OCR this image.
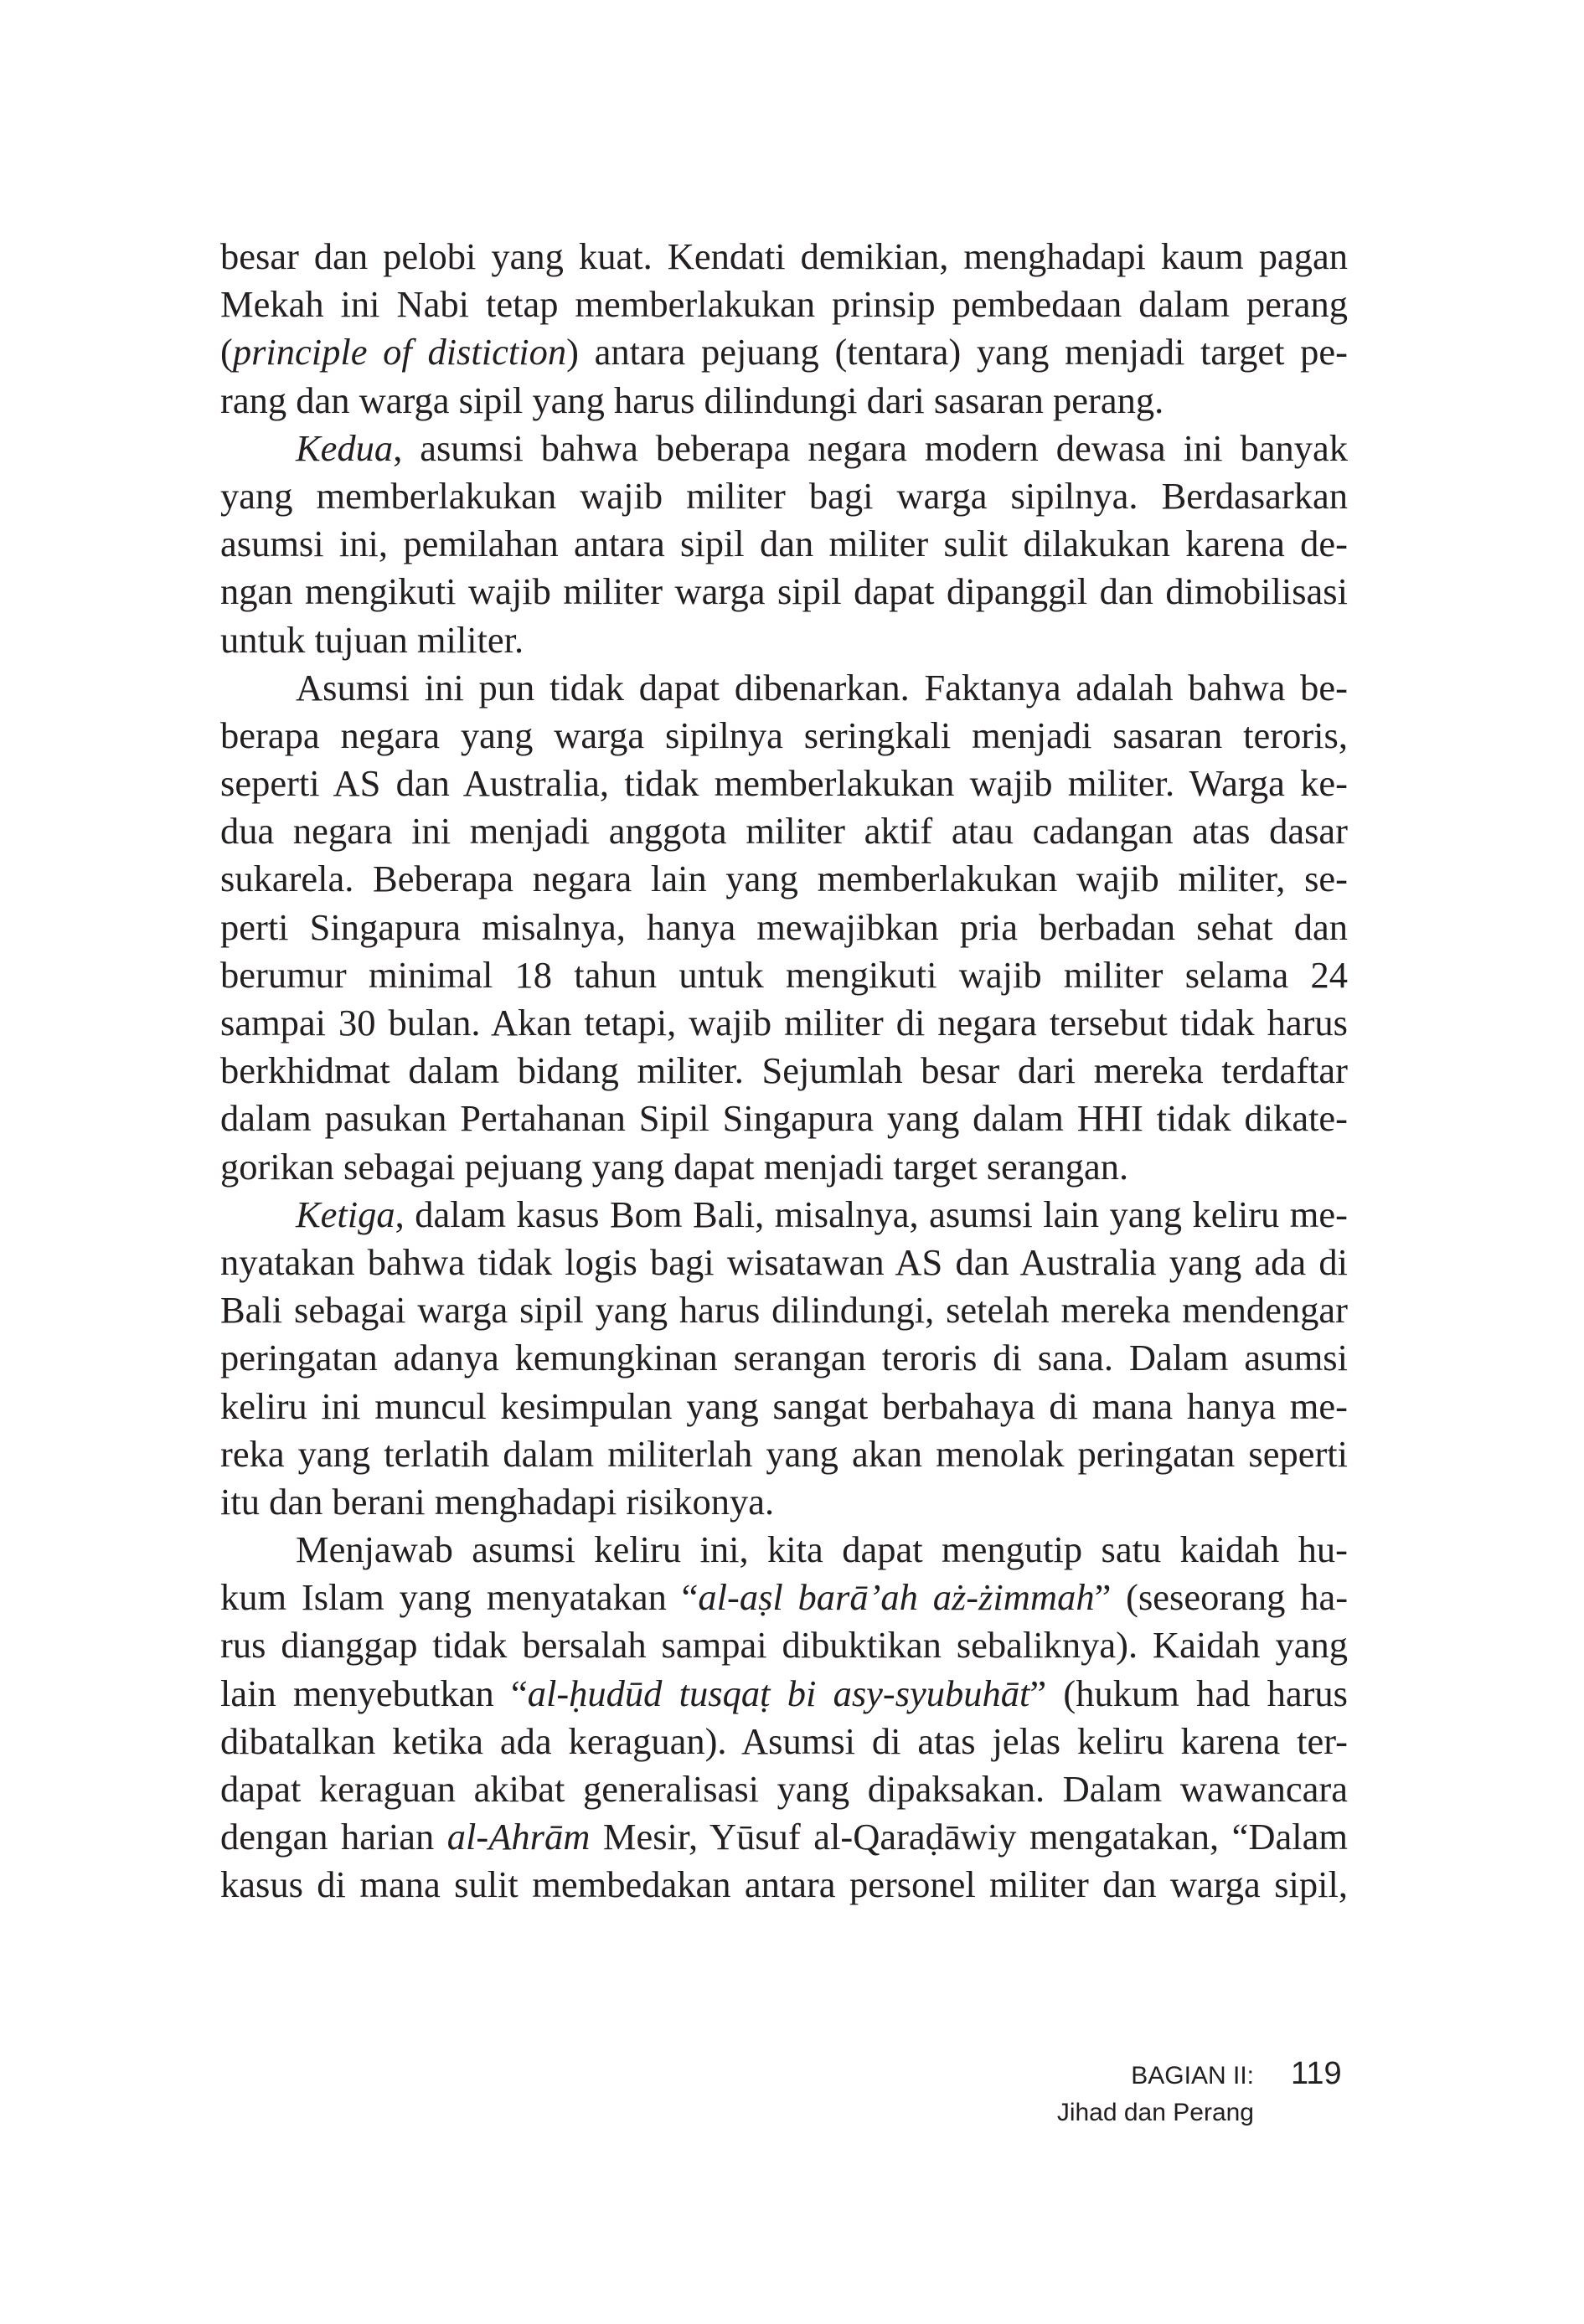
besar dan pelobi yang kuat. Kendati demikian, menghadapi kaum pagan
Mekah ini Nabi tetap memberlakukan prinsip pembedaan dalam perang
(principle of distiction) antara pejuang (tentara) yang menjadi target pe-
rang dan warga sipil yang harus dilindungi dari sasaran perang.
Kedua, asumsi bahwa beberapa negara modern dewasa ini banyak
yang memberlakukan wajib militer bagi warga sipilnya. Berdasarkan
asumsi ini, pemilahan antara sipil dan militer sulit dilakukan karena de-
ngan mengikuti wajib militer warga sipil dapat dipanggil dan dimobilisasi
untuk tujuan militer.
Asumsi ini pun tidak dapat dibenarkan. Faktanya adalah bahwa be-
berapa negara yang warga sipilnya seringkali menjadi sasaran teroris,
seperti AS dan Australia, tidak memberlakukan wajib militer. Warga ke-
dua negara ini menjadi anggota militer aktif atau cadangan atas dasar
sukarela. Beberapa negara lain yang memberlakukan wajib militer, se-
perti Singapura misalnya, hanya mewajibkan pria berbadan sehat dan
berumur minimal 18 tahun untuk mengikuti wajib militer selama 24
sampai 30 bulan. Akan tetapi, wajib militer di negara tersebut tidak harus
berkhidmat dalam bidang militer. Sejumlah besar dari mereka terdaftar
dalam pasukan Pertahanan Sipil Singapura yang dalam HHI tidak dikate-
gorikan sebagai pejuang yang dapat menjadi target serangan.
Ketiga, dalam kasus Bom Bali, misalnya, asumsi lain yang keliru me-
nyatakan bahwa tidak logis bagi wisatawan AS dan Australia yang ada di
Bali sebagai warga sipil yang harus dilindungi, setelah mereka mendengar
peringatan adanya kemungkinan serangan teroris di sana. Dalam asumsi
keliru ini muncul kesimpulan yang sangat berbahaya di mana hanya me-
reka yang terlatih dalam militerlah yang akan menolak peringatan seperti
itu dan berani menghadapi risikonya.
Menjawab asumsi keliru ini, kita dapat mengutip satu kaidah hu-
kum Islam yang menyatakan “al-aṣl barā’ah aż-żimmah” (seseorang ha-
rus dianggap tidak bersalah sampai dibuktikan sebaliknya). Kaidah yang
lain menyebutkan “al-ḥudūd tusqaṭ bi asy-syubuhāt” (hukum had harus
dibatalkan ketika ada keraguan). Asumsi di atas jelas keliru karena ter-
dapat keraguan akibat generalisasi yang dipaksakan. Dalam wawancara
dengan harian al-Ahrām Mesir, Yūsuf al-Qaraḍāwiy mengatakan, “Dalam
kasus di mana sulit membedakan antara personel militer dan warga sipil,
BAGIAN II:
Jihad dan Perang
119
